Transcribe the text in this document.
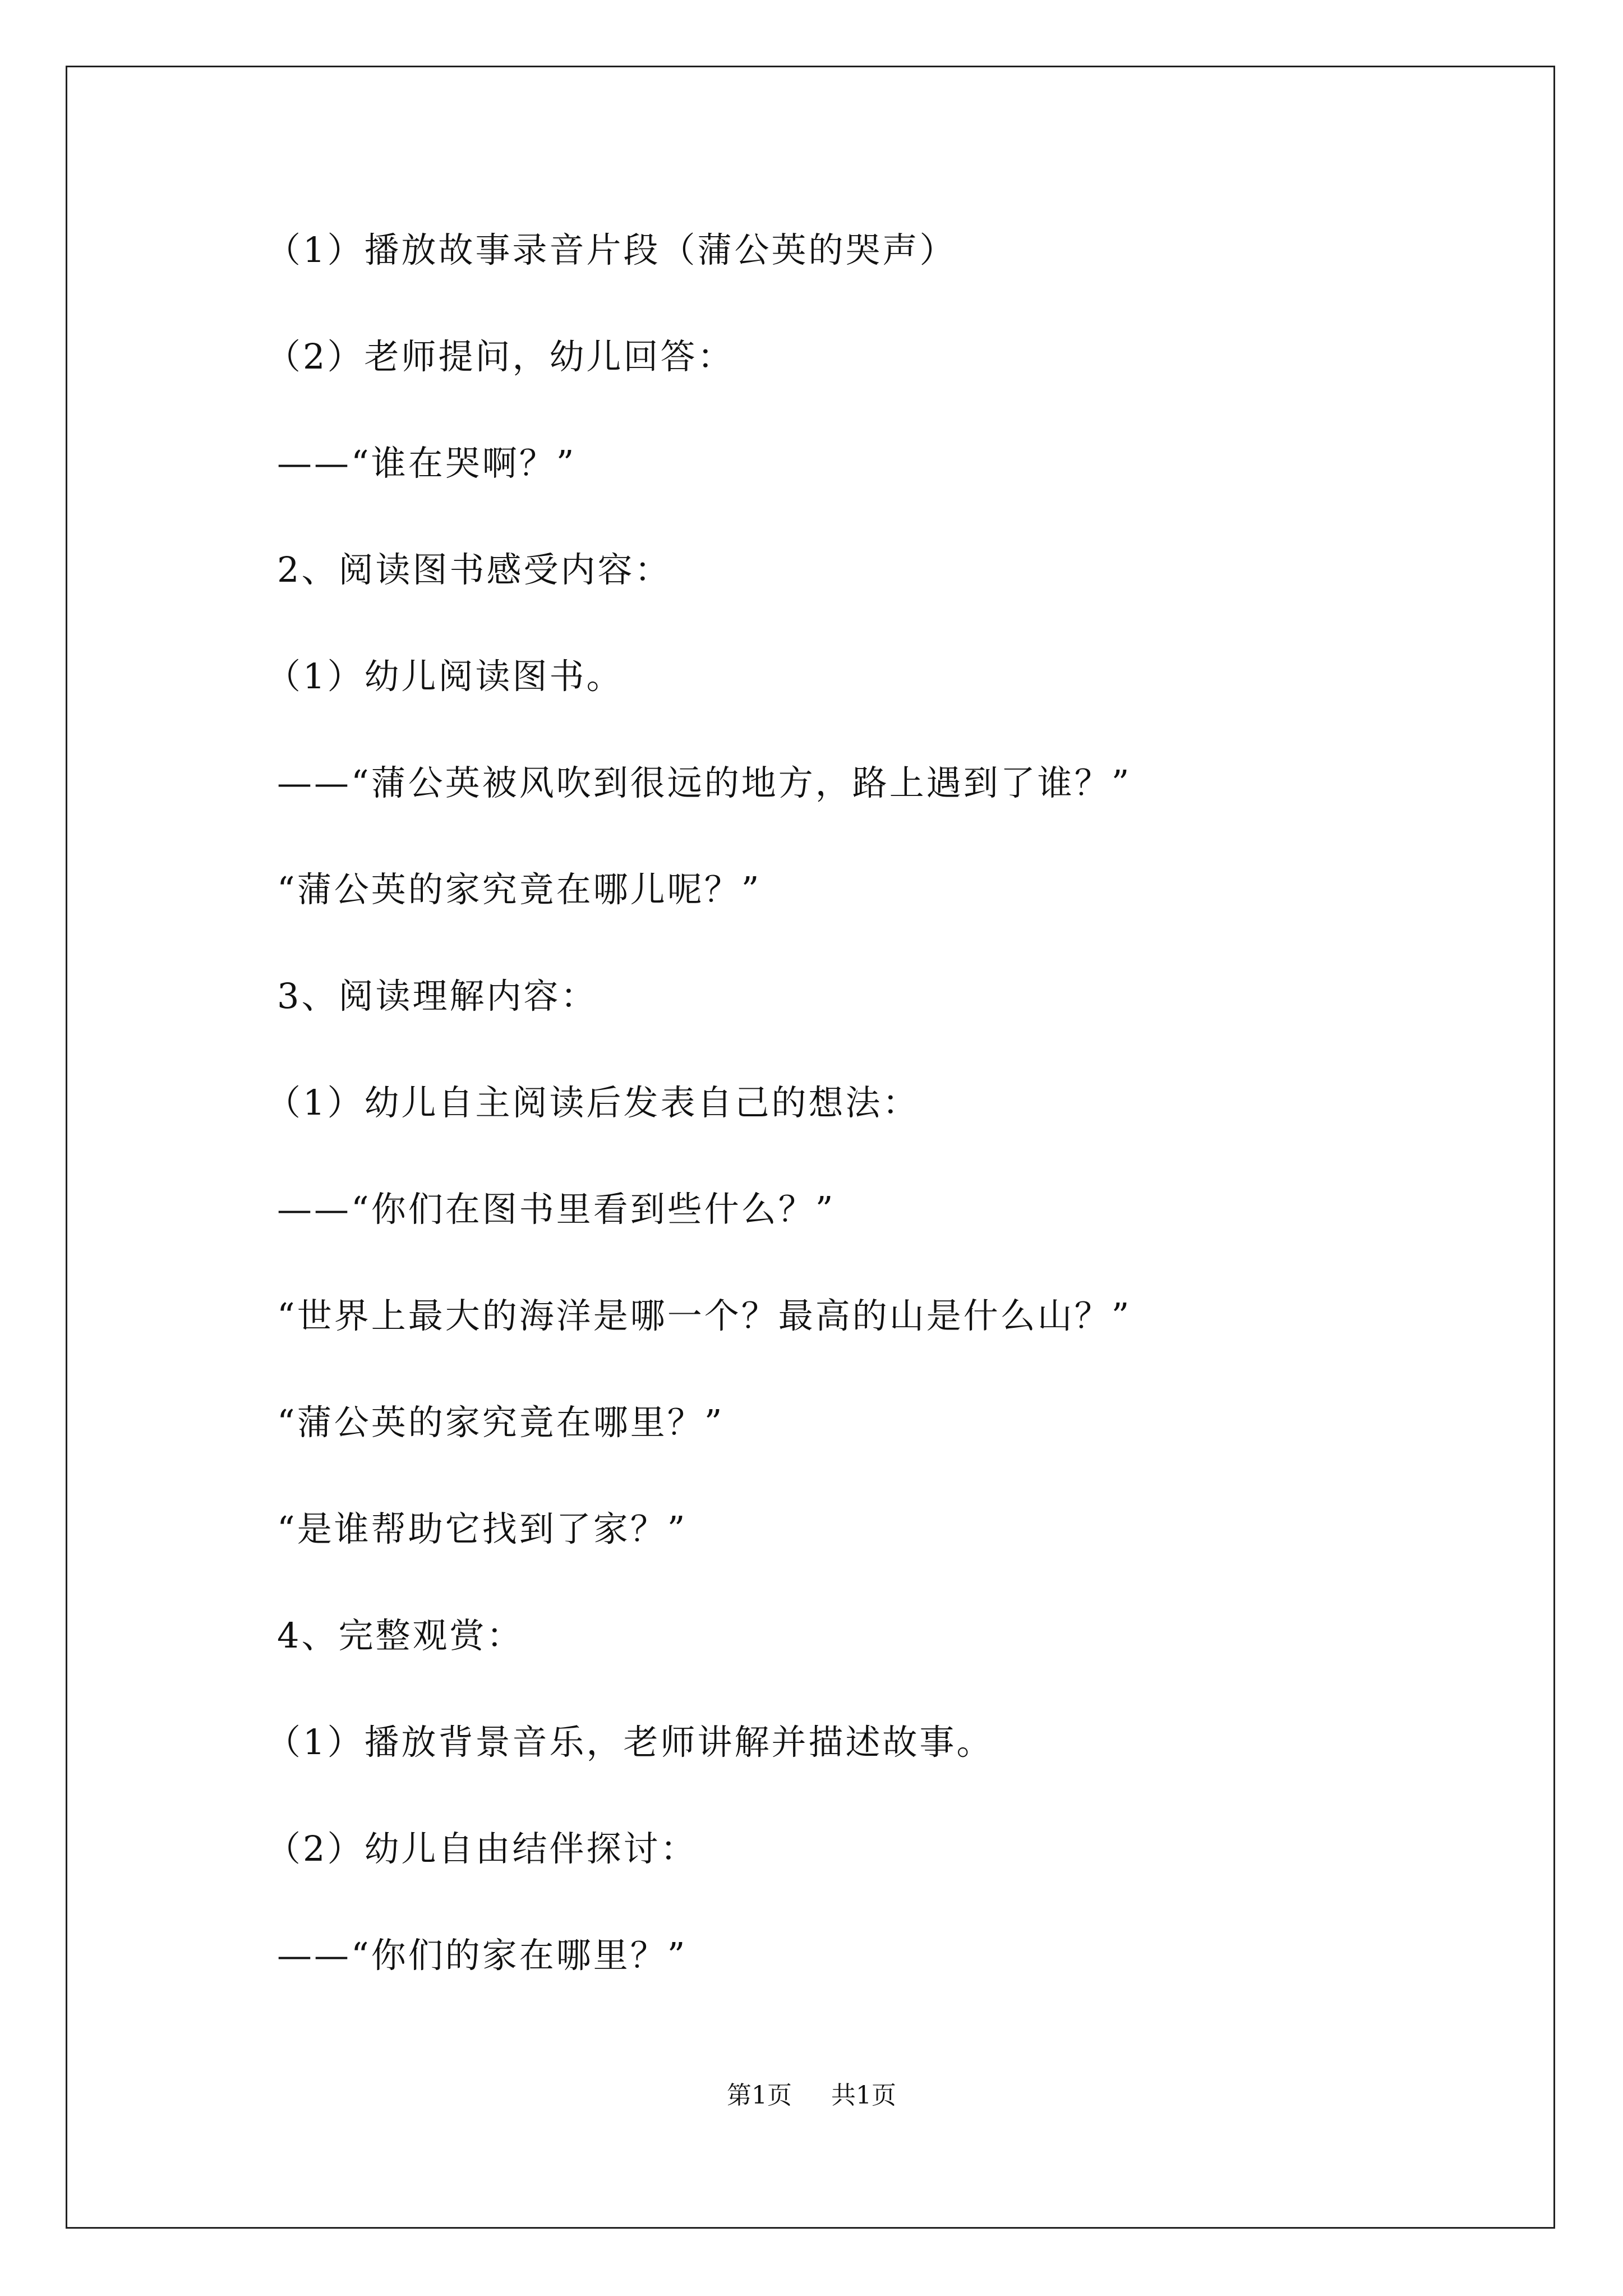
（1）播放故事录音片段（蒲公英的哭声）
（2）老师提问，幼儿回答：
——“谁在哭啊？”
2、阅读图书感受内容：
（1）幼儿阅读图书。
——“蒲公英被风吹到很远的地方，路上遇到了谁？”
“蒲公英的家究竟在哪儿呢？”
3、阅读理解内容：
（1）幼儿自主阅读后发表自己的想法：
——“你们在图书里看到些什么？”
“世界上最大的海洋是哪一个？最高的山是什么山？”
“蒲公英的家究竟在哪里？”
“是谁帮助它找到了家？”
4、完整观赏：
（1）播放背景音乐，老师讲解并描述故事。
（2）幼儿自由结伴探讨：
——“你们的家在哪里？”
第1页 共1页
